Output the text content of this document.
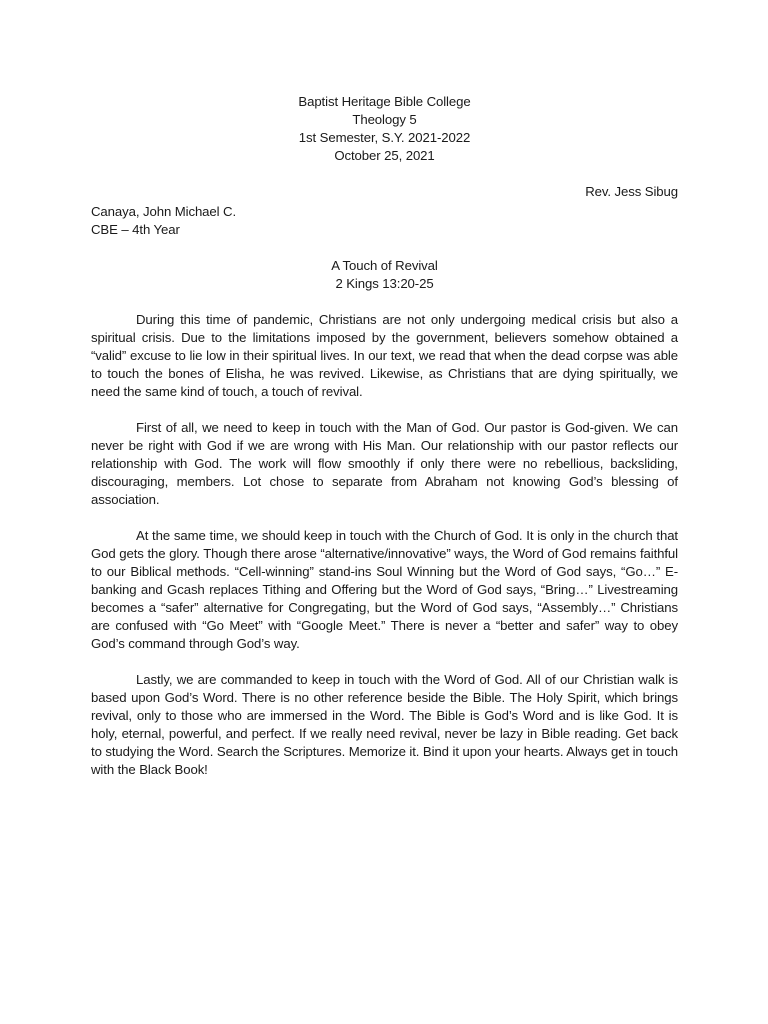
Baptist Heritage Bible College
Theology 5
1st Semester, S.Y. 2021-2022
October 25, 2021
Rev. Jess Sibug
Canaya, John Michael C.
CBE – 4th Year
A Touch of Revival
2 Kings 13:20-25

During this time of pandemic, Christians are not only undergoing medical crisis but also a spiritual crisis. Due to the limitations imposed by the government, believers somehow obtained a “valid” excuse to lie low in their spiritual lives. In our text, we read that when the dead corpse was able to touch the bones of Elisha, he was revived. Likewise, as Christians that are dying spiritually, we need the same kind of touch, a touch of revival.

First of all, we need to keep in touch with the Man of God. Our pastor is God-given. We can never be right with God if we are wrong with His Man. Our relationship with our pastor reflects our relationship with God. The work will flow smoothly if only there were no rebellious, backsliding, discouraging, members. Lot chose to separate from Abraham not knowing God’s blessing of association.

At the same time, we should keep in touch with the Church of God. It is only in the church that God gets the glory. Though there arose “alternative/innovative” ways, the Word of God remains faithful to our Biblical methods. “Cell-winning” stand-ins Soul Winning but the Word of God says, “Go…” E-banking and Gcash replaces Tithing and Offering but the Word of God says, “Bring…” Livestreaming becomes a “safer” alternative for Congregating, but the Word of God says, “Assembly…” Christians are confused with “Go Meet” with “Google Meet.” There is never a “better and safer” way to obey God’s command through God’s way.

Lastly, we are commanded to keep in touch with the Word of God. All of our Christian walk is based upon God’s Word. There is no other reference beside the Bible. The Holy Spirit, which brings revival, only to those who are immersed in the Word. The Bible is God’s Word and is like God. It is holy, eternal, powerful, and perfect. If we really need revival, never be lazy in Bible reading. Get back to studying the Word. Search the Scriptures. Memorize it. Bind it upon your hearts. Always get in touch with the Black Book!
